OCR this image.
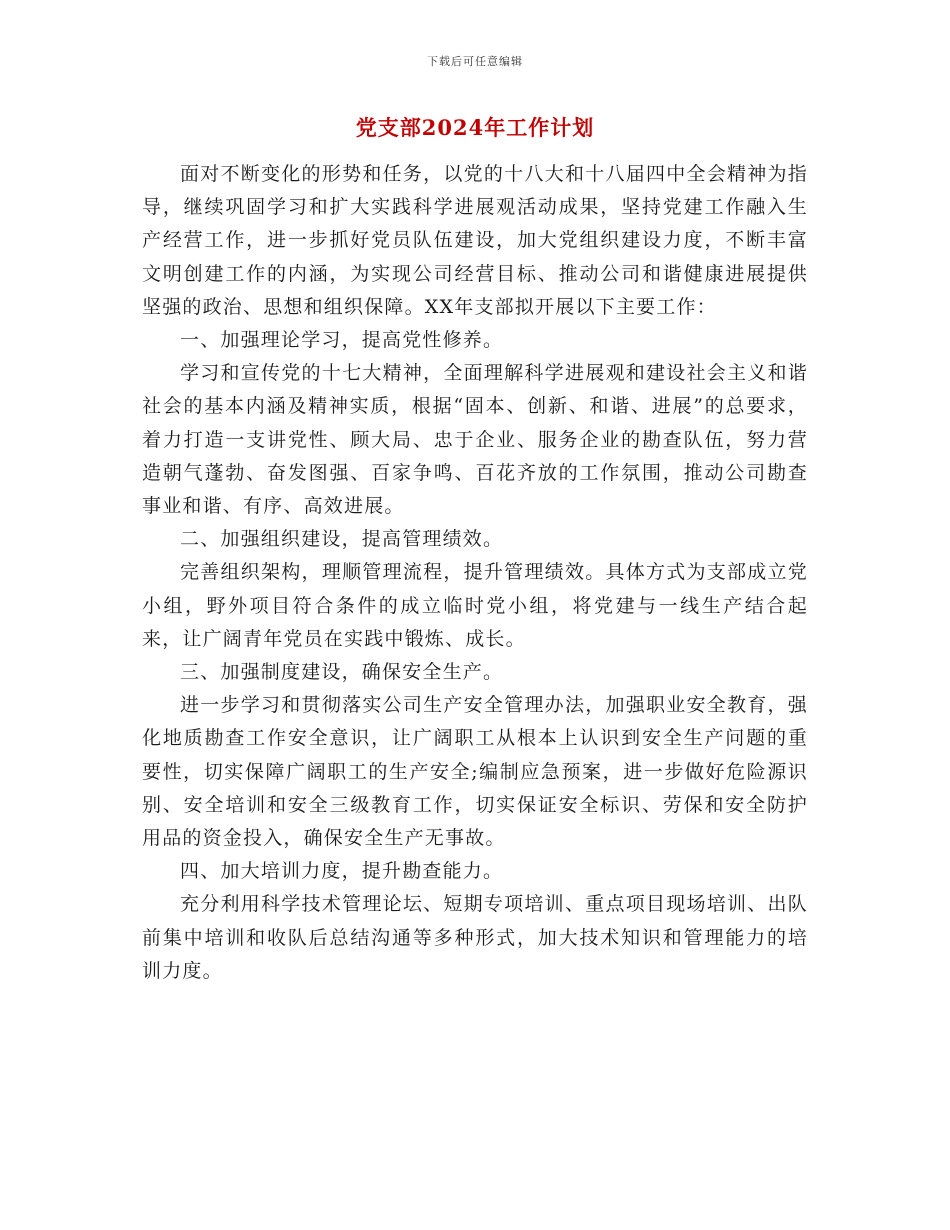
下载后可任意编辑
党支部2024年工作计划

面对不断变化的形势和任务，以党的十八大和十八届四中全会精神为指导，继续巩固学习和扩大实践科学进展观活动成果，坚持党建工作融入生产经营工作，进一步抓好党员队伍建设，加大党组织建设力度，不断丰富文明创建工作的内涵，为实现公司经营目标、推动公司和谐健康进展提供坚强的政治、思想和组织保障。XX年支部拟开展以下主要工作：

一、加强理论学习，提高党性修养。

学习和宣传党的十七大精神，全面理解科学进展观和建设社会主义和谐社会的基本内涵及精神实质，根据“固本、创新、和谐、进展”的总要求，着力打造一支讲党性、顾大局、忠于企业、服务企业的勘查队伍，努力营造朝气蓬勃、奋发图强、百家争鸣、百花齐放的工作氛围，推动公司勘查事业和谐、有序、高效进展。

二、加强组织建设，提高管理绩效。

完善组织架构，理顺管理流程，提升管理绩效。具体方式为支部成立党小组，野外项目符合条件的成立临时党小组，将党建与一线生产结合起来，让广阔青年党员在实践中锻炼、成长。

三、加强制度建设，确保安全生产。

进一步学习和贯彻落实公司生产安全管理办法，加强职业安全教育，强化地质勘查工作安全意识，让广阔职工从根本上认识到安全生产问题的重要性，切实保障广阔职工的生产安全;编制应急预案，进一步做好危险源识别、安全培训和安全三级教育工作，切实保证安全标识、劳保和安全防护用品的资金投入，确保安全生产无事故。

四、加大培训力度，提升勘查能力。

充分利用科学技术管理论坛、短期专项培训、重点项目现场培训、出队前集中培训和收队后总结沟通等多种形式，加大技术知识和管理能力的培训力度。
